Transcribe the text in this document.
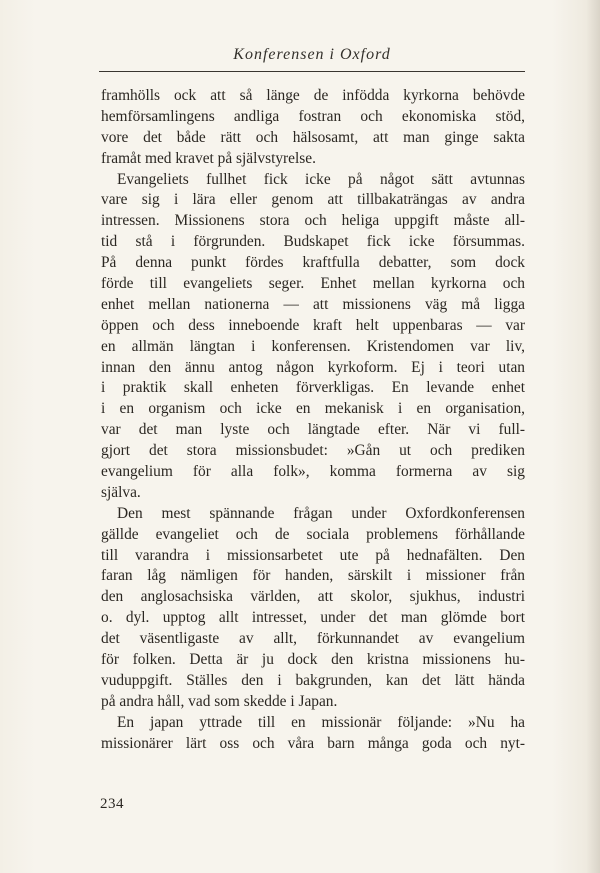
Konferensen i Oxford
framhölls ock att så länge de infödda kyrkorna behövde
hemförsamlingens andliga fostran och ekonomiska stöd,
vore det både rätt och hälsosamt, att man ginge sakta
framåt med kravet på självstyrelse.
Evangeliets fullhet fick icke på något sätt avtunnas
vare sig i lära eller genom att tillbakaträngas av andra
intressen. Missionens stora och heliga uppgift måste all-
tid stå i förgrunden. Budskapet fick icke försummas.
På denna punkt fördes kraftfulla debatter, som dock
förde till evangeliets seger. Enhet mellan kyrkorna och
enhet mellan nationerna — att missionens väg må ligga
öppen och dess inneboende kraft helt uppenbaras — var
en allmän längtan i konferensen. Kristendomen var liv,
innan den ännu antog någon kyrkoform. Ej i teori utan
i praktik skall enheten förverkligas. En levande enhet
i en organism och icke en mekanisk i en organisation,
var det man lyste och längtade efter. När vi full-
gjort det stora missionsbudet: »Gån ut och prediken
evangelium för alla folk», komma formerna av sig
själva.
Den mest spännande frågan under Oxfordkonferensen
gällde evangeliet och de sociala problemens förhållande
till varandra i missionsarbetet ute på hednafälten. Den
faran låg nämligen för handen, särskilt i missioner från
den anglosachsiska världen, att skolor, sjukhus, industri
o. dyl. upptog allt intresset, under det man glömde bort
det väsentligaste av allt, förkunnandet av evangelium
för folken. Detta är ju dock den kristna missionens hu-
vuduppgift. Ställes den i bakgrunden, kan det lätt hända
på andra håll, vad som skedde i Japan.
En japan yttrade till en missionär följande: »Nu ha
missionärer lärt oss och våra barn många goda och nyt-
234
